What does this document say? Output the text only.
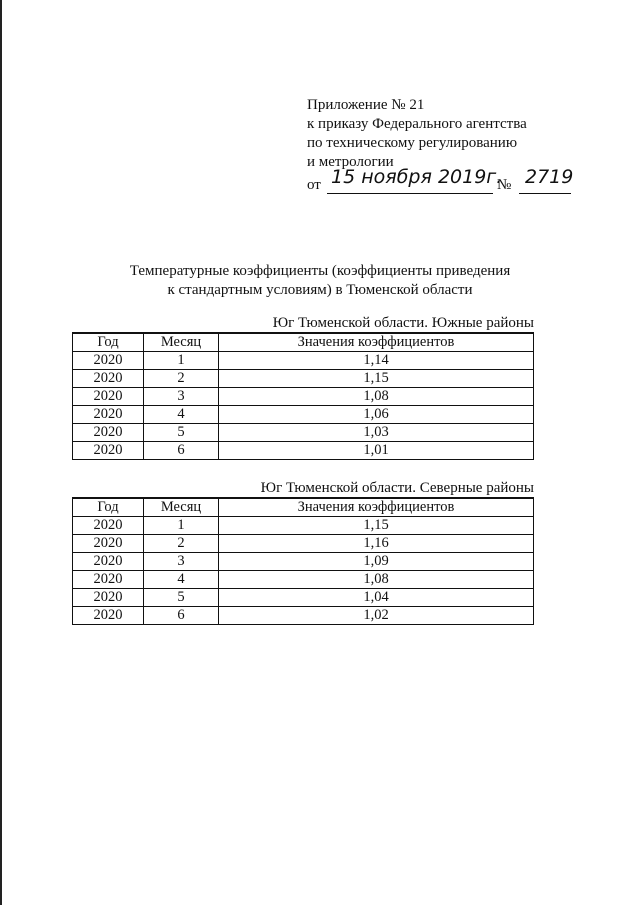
Приложение № 21
к приказу Федерального агентства
по техническому регулированию
и метрологии
от 15 ноября 2019г.
№ 2719
Температурные коэффициенты (коэффициенты приведения
к стандартным условиям) в Тюменской области
Юг Тюменской области. Южные районы
Год	Месяц	Значения коэффициентов
2020	1	1,14
2020	2	1,15
2020	3	1,08
2020	4	1,06
2020	5	1,03
2020	6	1,01
Юг Тюменской области. Северные районы
Год	Месяц	Значения коэффициентов
2020	1	1,15
2020	2	1,16
2020	3	1,09
2020	4	1,08
2020	5	1,04
2020	6	1,02
